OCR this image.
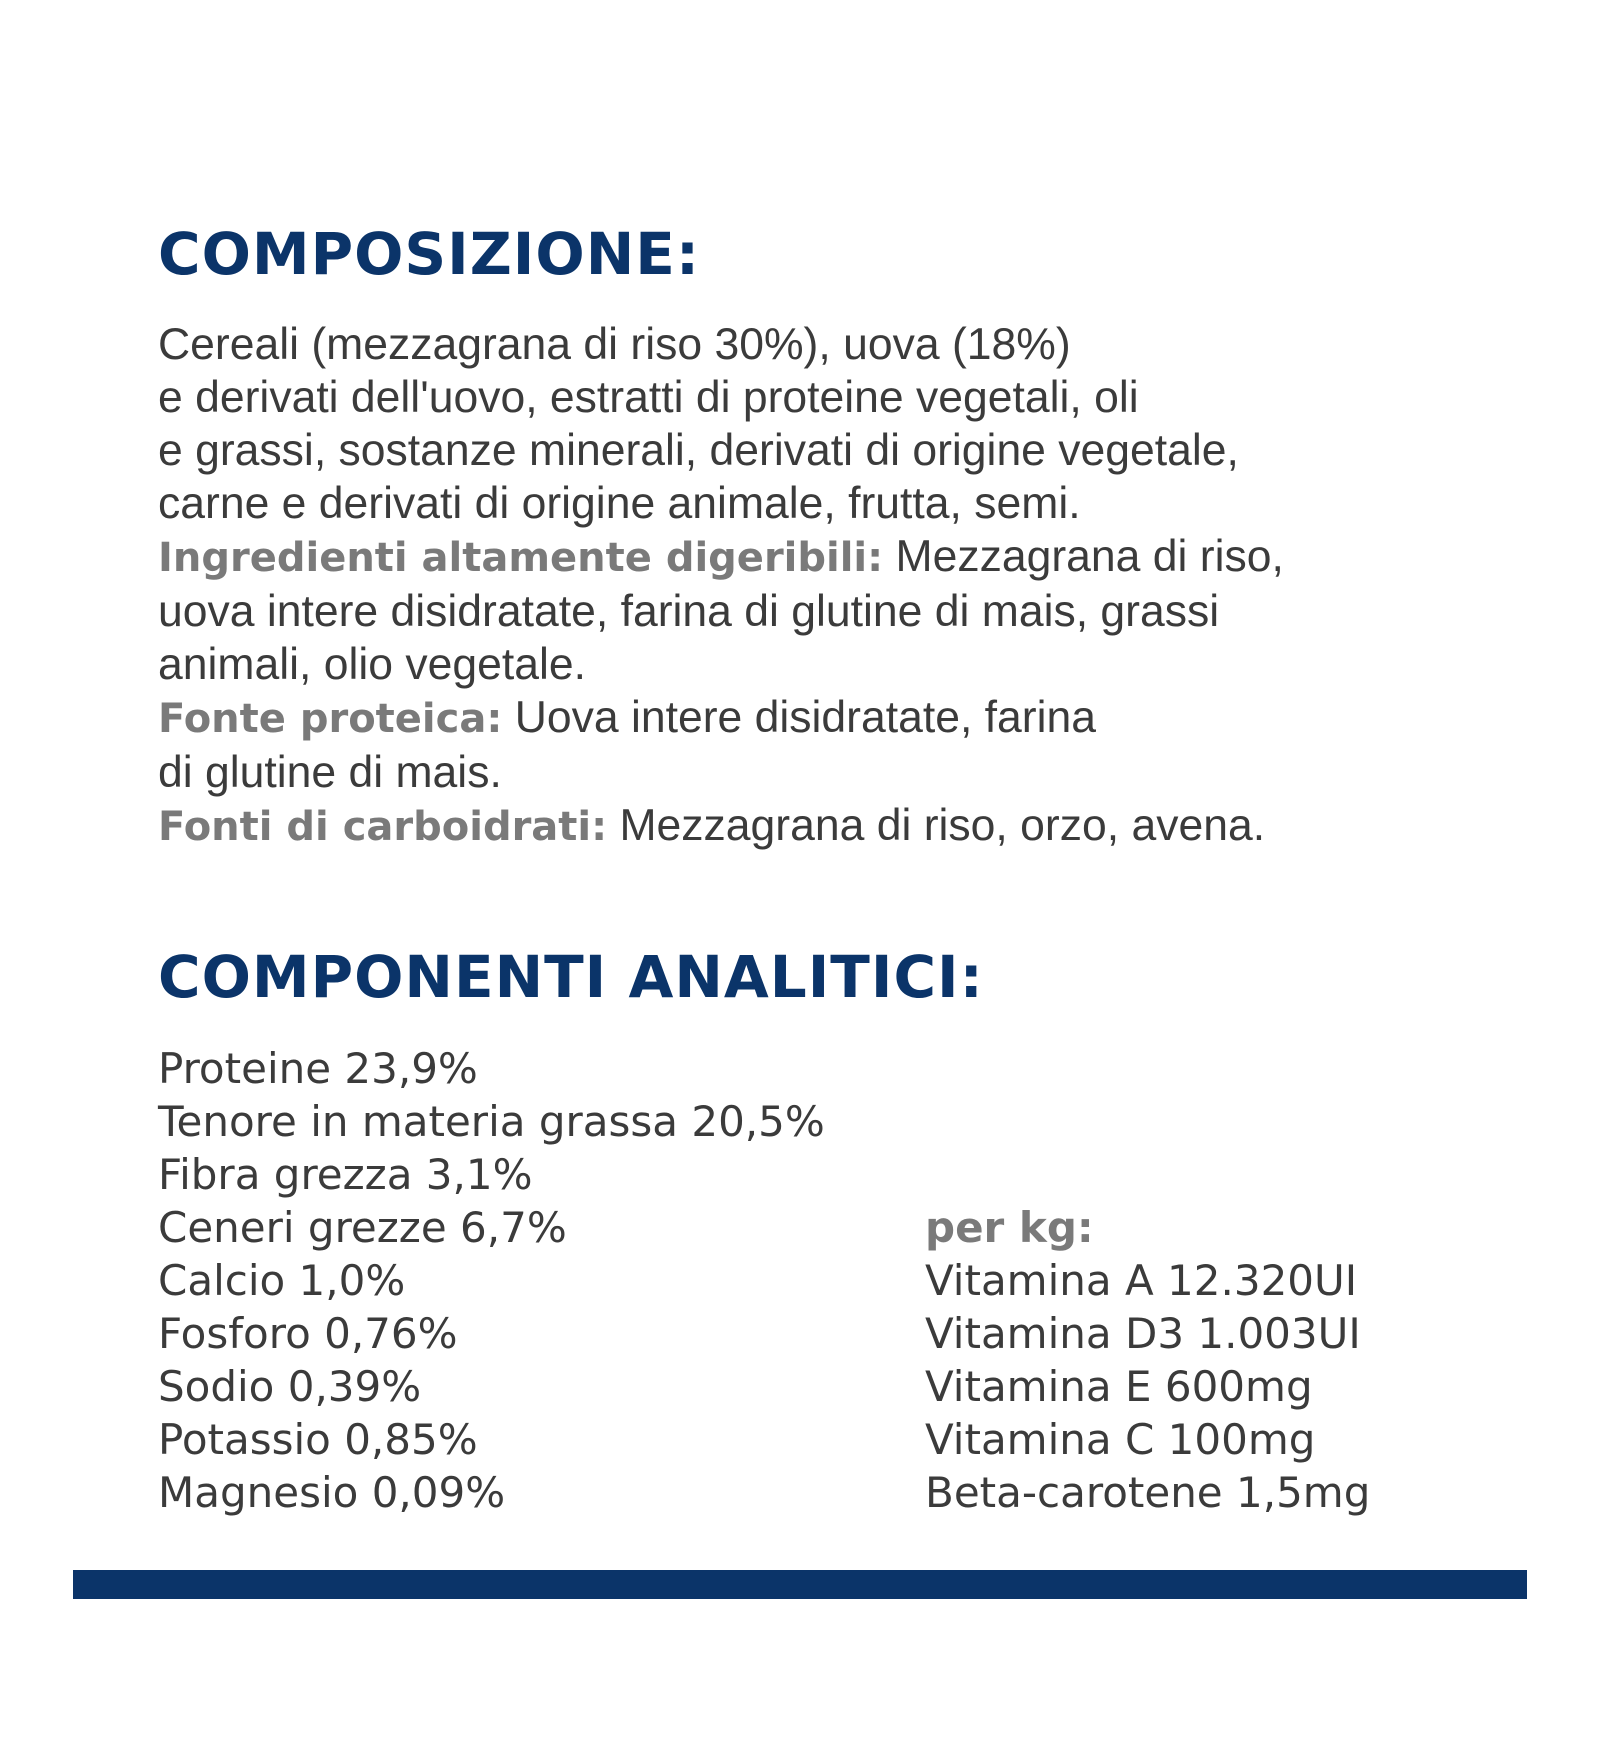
COMPOSIZIONE:

Cereali (mezzagrana di riso 30%), uova (18%)
e derivati dell'uovo, estratti di proteine vegetali, oli
e grassi, sostanze minerali, derivati di origine vegetale,
carne e derivati di origine animale, frutta, semi.

Ingredienti altamente digeribili: Mezzagrana di riso,
uova intere disidratate, farina di glutine di mais, grassi
animali, olio vegetale.

Fonte proteica: Uova intere disidratate, farina
di glutine di mais.

Fonti di carboidrati: Mezzagrana di riso, orzo, avena.

COMPONENTI ANALITICI:
Proteine 23,9%
Tenore in materia grassa 20,5%
Fibra grezza 3,1%
Ceneri grezze 6,7%
Calcio 1,0%
Fosforo 0,76%
Sodio 0,39%
Potassio 0,85%
Magnesio 0,09%
per kg:
Vitamina A 12.320UI
Vitamina D3 1.003UI
Vitamina E 600mg
Vitamina C 100mg
Beta-carotene 1,5mg
